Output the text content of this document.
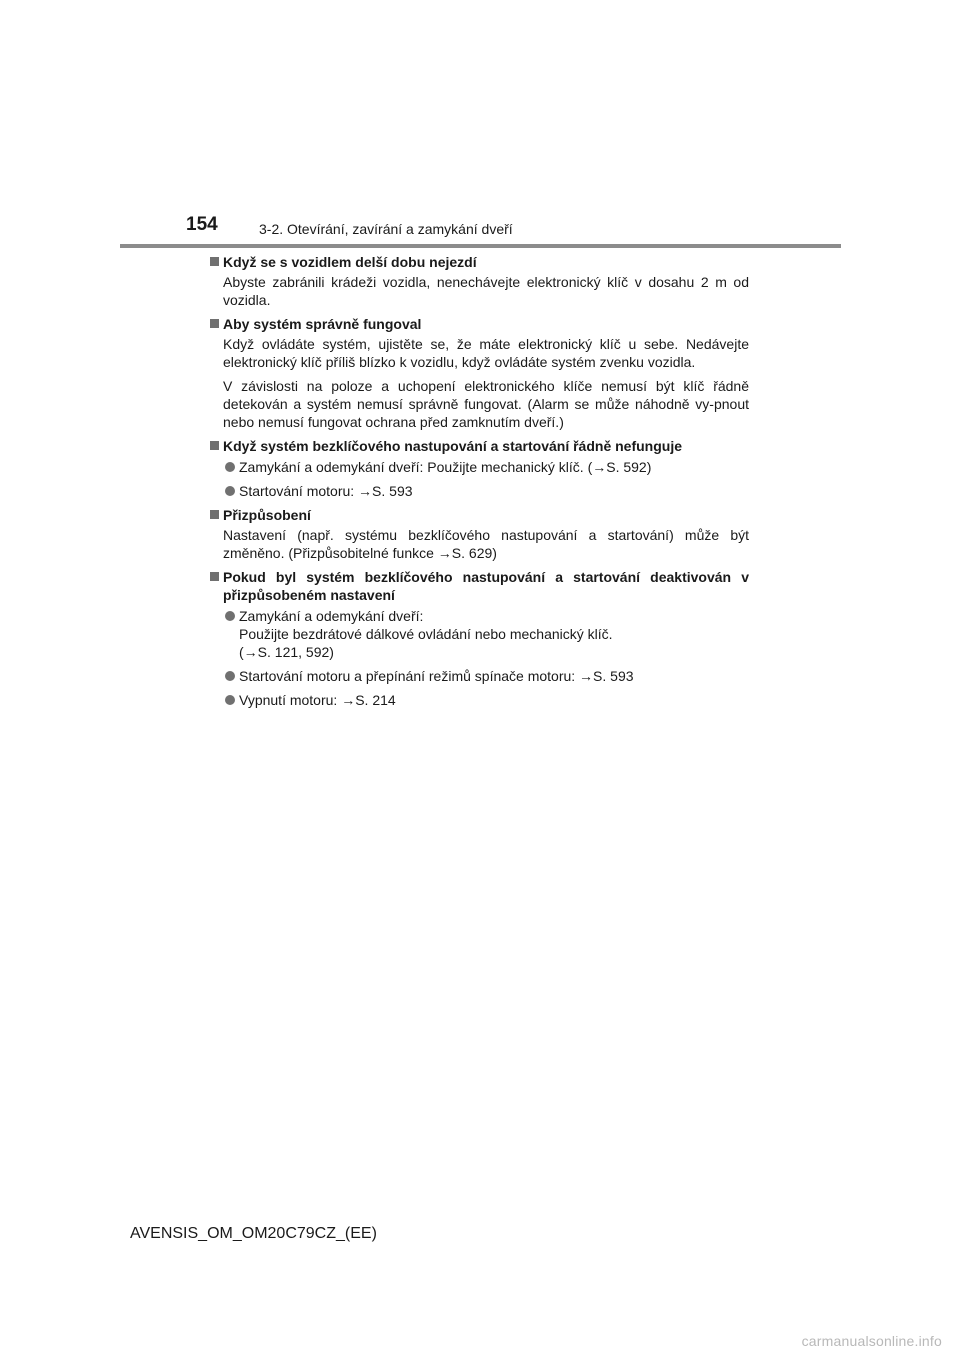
154	3-2. Otevírání, zavírání a zamykání dveří
Když se s vozidlem delší dobu nejezdí
Abyste zabránili krádeži vozidla, nenechávejte elektronický klíč v dosahu 2 m od vozidla.
Aby systém správně fungoval
Když ovládáte systém, ujistěte se, že máte elektronický klíč u sebe. Nedávejte elektronický klíč příliš blízko k vozidlu, když ovládáte systém zvenku vozidla.
V závislosti na poloze a uchopení elektronického klíče nemusí být klíč řádně detekován a systém nemusí správně fungovat. (Alarm se může náhodně vy-pnout nebo nemusí fungovat ochrana před zamknutím dveří.)
Když systém bezklíčového nastupování a startování řádně nefunguje
Zamykání a odemykání dveří: Použijte mechanický klíč. (→S. 592)
Startování motoru: →S. 593
Přizpůsobení
Nastavení (např. systému bezklíčového nastupování a startování) může být změněno. (Přizpůsobitelné funkce →S. 629)
Pokud byl systém bezklíčového nastupování a startování deaktivován v přizpůsobeném nastavení
Zamykání a odemykání dveří:
Použijte bezdrátové dálkové ovládání nebo mechanický klíč.
(→S. 121, 592)
Startování motoru a přepínání režimů spínače motoru: →S. 593
Vypnutí motoru: →S. 214
AVENSIS_OM_OM20C79CZ_(EE)
carmanualsonline.info
